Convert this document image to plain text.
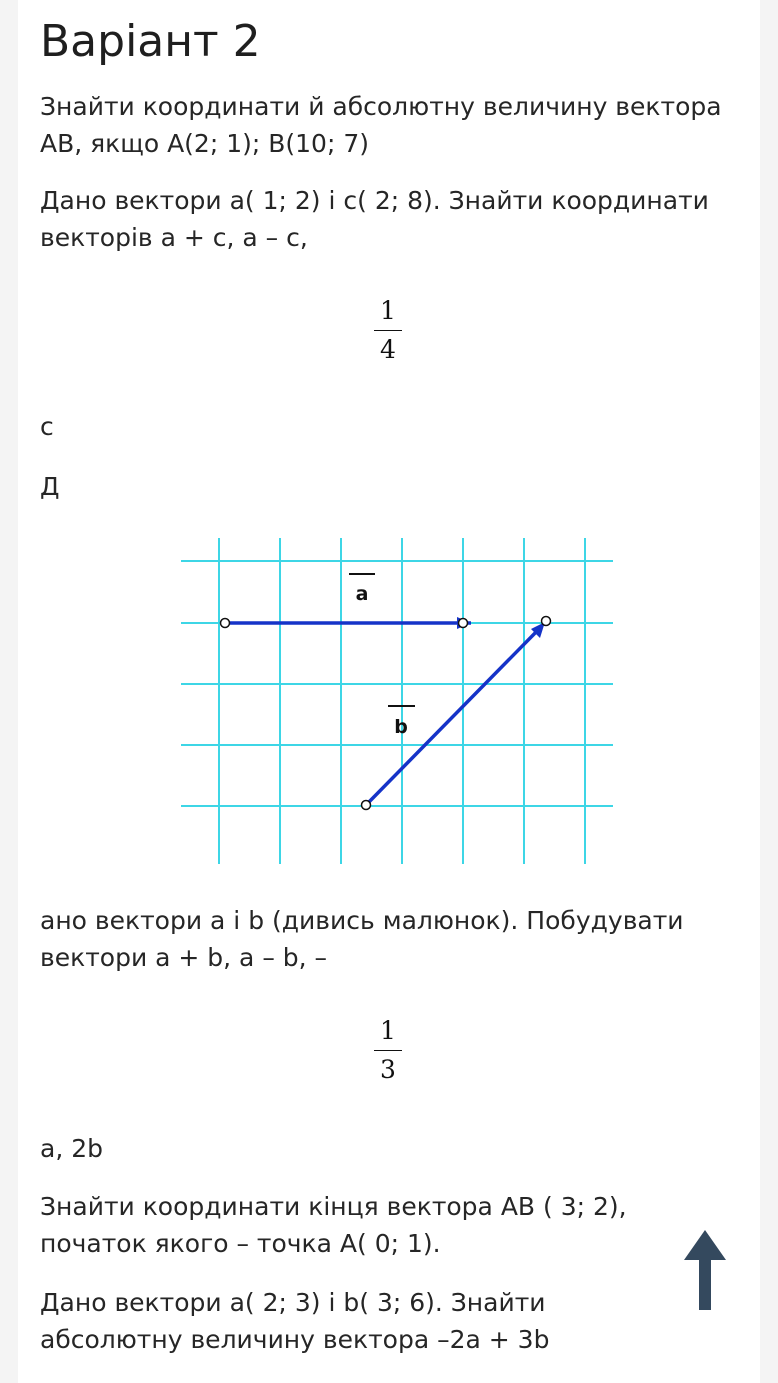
Варіант 2

Знайти координати й абсолютну величину вектора АВ, якщо А(2; 1); В(10; 7)

Дано вектори а( 1; 2) і с( 2; 8). Знайти координати векторів а + с, а – с,

1
4

с

Д

a
b

ано вектори а і b (дивись малюнок). Побудувати вектори а + b, а – b, –

1
3

а, 2b

Знайти координати кінця вектора АВ ( 3; 2), початок якого – точка А( 0; 1).

Дано вектори а( 2; 3) і b( 3; 6). Знайти абсолютну величину вектора –2а + 3b
